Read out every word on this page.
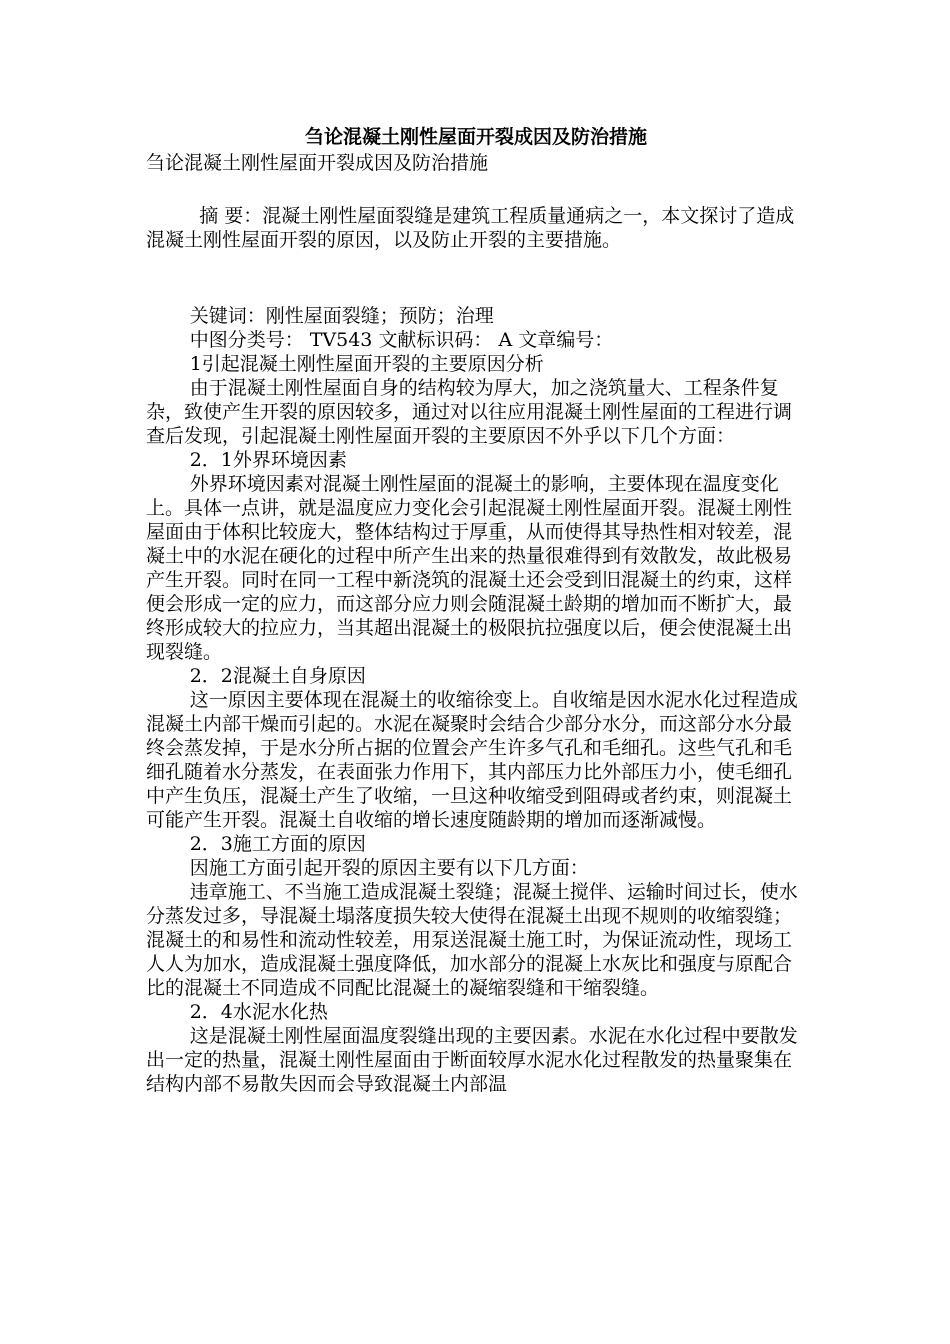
刍论混凝土刚性屋面开裂成因及防治措施
刍论混凝土刚性屋面开裂成因及防治措施
摘 要：混凝土刚性屋面裂缝是建筑工程质量通病之一，本文探讨了造成混凝土刚性屋面开裂的原因，以及防止开裂的主要措施。

关键词：刚性屋面裂缝；预防；治理

中图分类号： TV543 文献标识码： A 文章编号：

1引起混凝土刚性屋面开裂的主要原因分析

由于混凝土刚性屋面自身的结构较为厚大，加之浇筑量大、工程条件复杂，致使产生开裂的原因较多，通过对以往应用混凝土刚性屋面的工程进行调查后发现，引起混凝土刚性屋面开裂的主要原因不外乎以下几个方面：

2．1外界环境因素

外界环境因素对混凝土刚性屋面的混凝土的影响，主要体现在温度变化上。具体一点讲，就是温度应力变化会引起混凝土刚性屋面开裂。混凝土刚性屋面由于体积比较庞大，整体结构过于厚重，从而使得其导热性相对较差，混凝土中的水泥在硬化的过程中所产生出来的热量很难得到有效散发，故此极易产生开裂。同时在同一工程中新浇筑的混凝土还会受到旧混凝土的约束，这样便会形成一定的应力，而这部分应力则会随混凝土龄期的增加而不断扩大，最终形成较大的拉应力，当其超出混凝土的极限抗拉强度以后，便会使混凝土出现裂缝。

2．2混凝土自身原因

这一原因主要体现在混凝土的收缩徐变上。自收缩是因水泥水化过程造成混凝土内部干燥而引起的。水泥在凝聚时会结合少部分水分，而这部分水分最终会蒸发掉，于是水分所占据的位置会产生许多气孔和毛细孔。这些气孔和毛细孔随着水分蒸发，在表面张力作用下，其内部压力比外部压力小，使毛细孔中产生负压，混凝土产生了收缩，一旦这种收缩受到阻碍或者约束，则混凝土可能产生开裂。混凝土自收缩的增长速度随龄期的增加而逐渐减慢。

2．3施工方面的原因

因施工方面引起开裂的原因主要有以下几方面：

违章施工、不当施工造成混凝土裂缝；混凝土搅伴、运输时间过长，使水分蒸发过多，导混凝土塌落度损失较大使得在混凝土出现不规则的收缩裂缝；混凝土的和易性和流动性较差，用泵送混凝土施工时，为保证流动性，现场工人人为加水，造成混凝土强度降低，加水部分的混凝上水灰比和强度与原配合比的混凝土不同造成不同配比混凝土的凝缩裂缝和干缩裂缝。

2．4水泥水化热

这是混凝土刚性屋面温度裂缝出现的主要因素。水泥在水化过程中要散发出一定的热量，混凝土刚性屋面由于断面较厚水泥水化过程散发的热量聚集在结构内部不易散失因而会导致混凝土内部温
